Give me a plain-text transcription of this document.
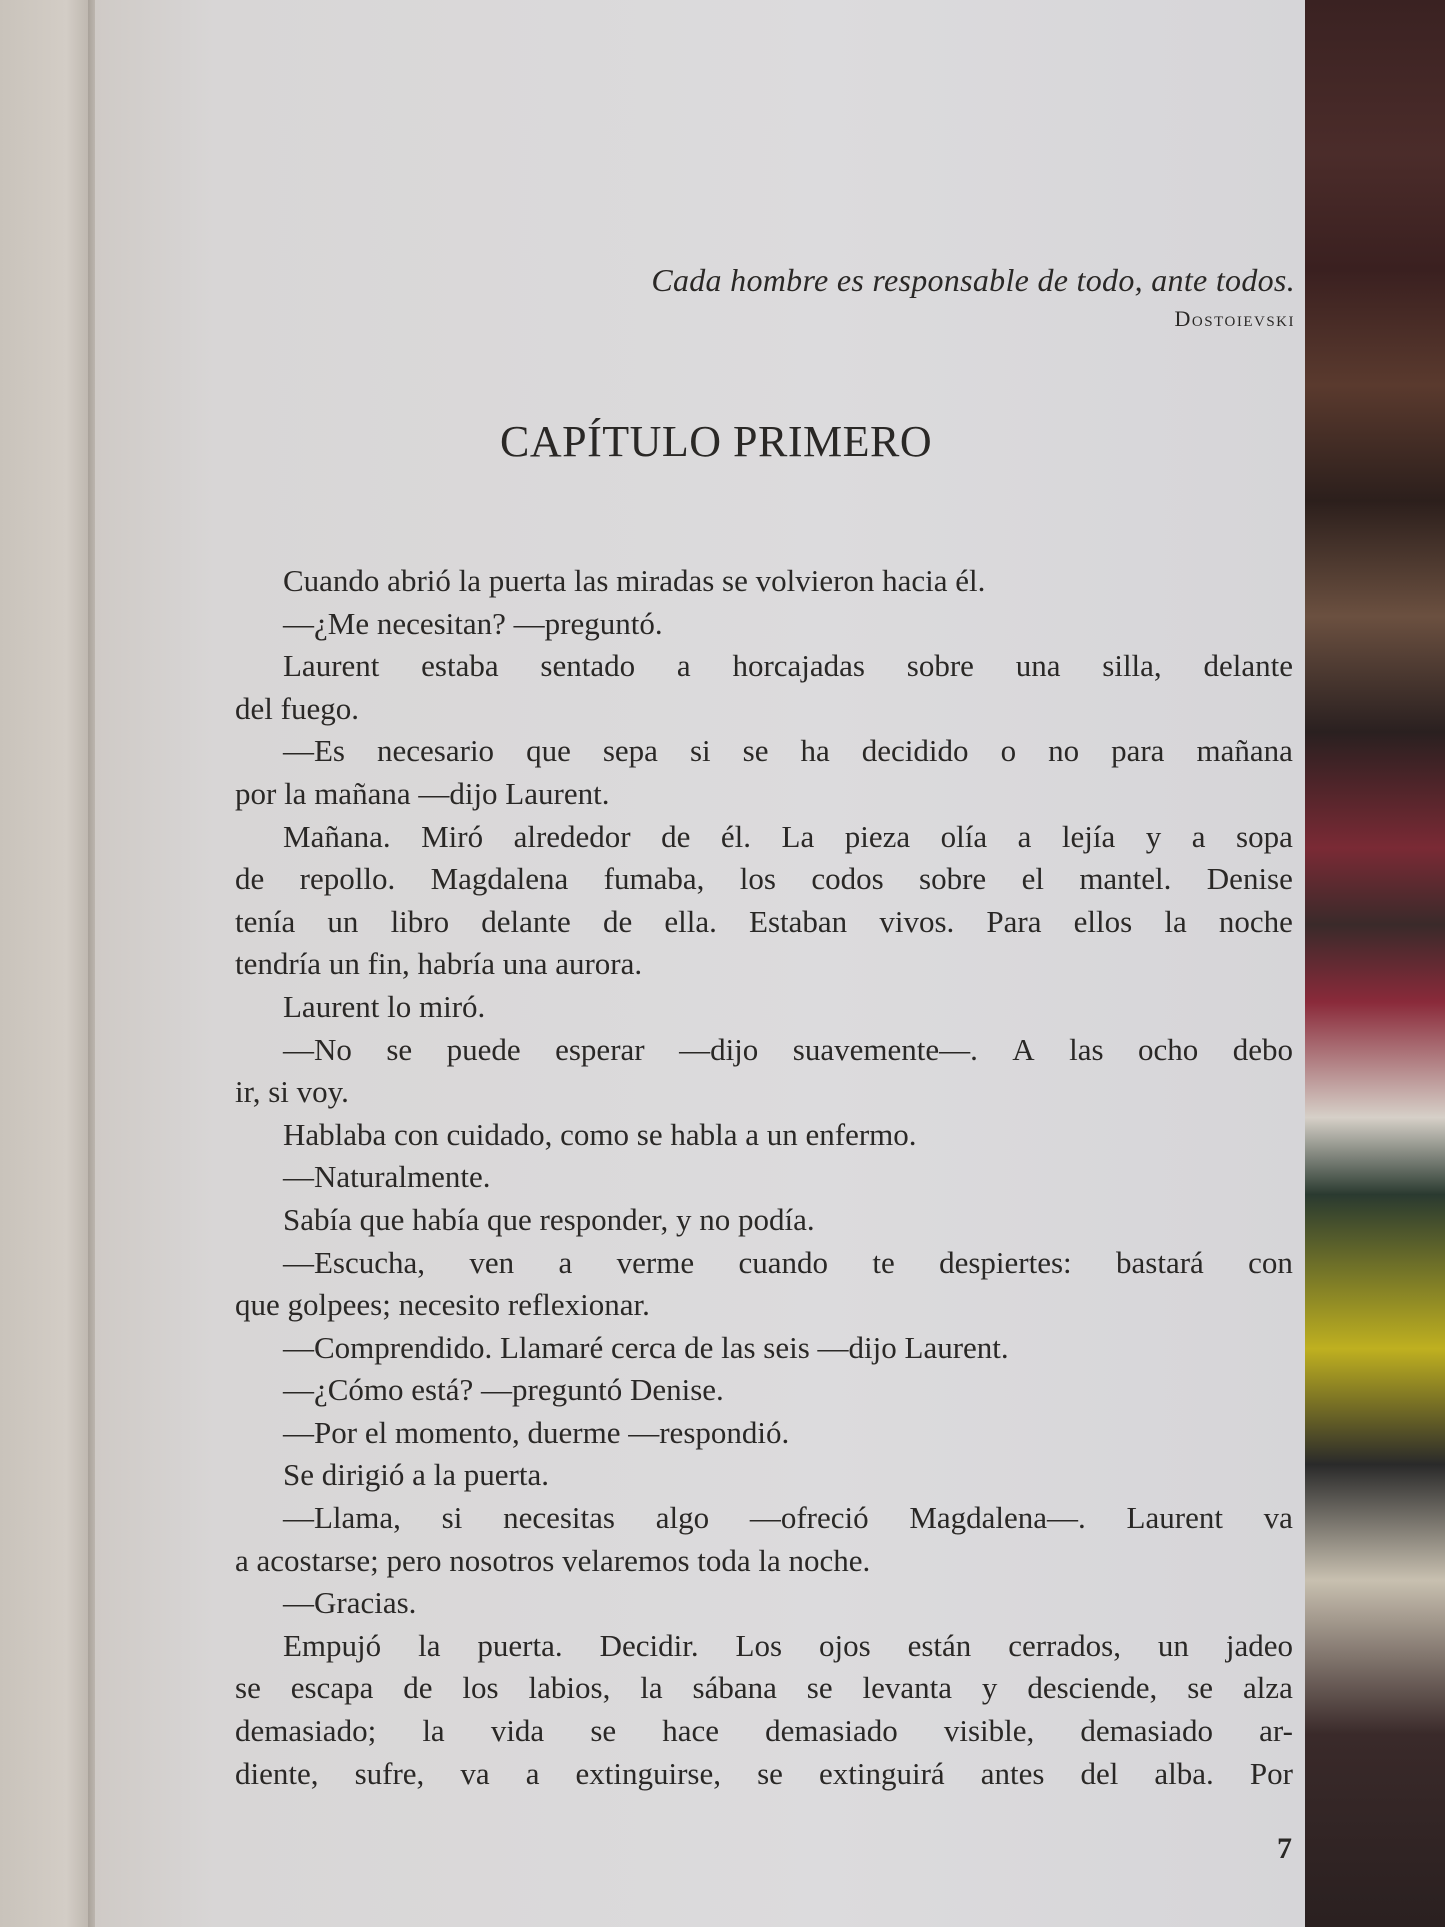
Cada hombre es responsable de todo, ante todos.
Dostoievski
CAPÍTULO PRIMERO
Cuando abrió la puerta las miradas se volvieron hacia él.
—¿Me necesitan? —preguntó.
Laurent estaba sentado a horcajadas sobre una silla, delante
del fuego.
—Es necesario que sepa si se ha decidido o no para mañana
por la mañana —dijo Laurent.
Mañana. Miró alrededor de él. La pieza olía a lejía y a sopa
de repollo. Magdalena fumaba, los codos sobre el mantel. Denise
tenía un libro delante de ella. Estaban vivos. Para ellos la noche
tendría un fin, habría una aurora.
Laurent lo miró.
—No se puede esperar —dijo suavemente—. A las ocho debo
ir, si voy.
Hablaba con cuidado, como se habla a un enfermo.
—Naturalmente.
Sabía que había que responder, y no podía.
—Escucha, ven a verme cuando te despiertes: bastará con
que golpees; necesito reflexionar.
—Comprendido. Llamaré cerca de las seis —dijo Laurent.
—¿Cómo está? —preguntó Denise.
—Por el momento, duerme —respondió.
Se dirigió a la puerta.
—Llama, si necesitas algo —ofreció Magdalena—. Laurent va
a acostarse; pero nosotros velaremos toda la noche.
—Gracias.
Empujó la puerta. Decidir. Los ojos están cerrados, un jadeo
se escapa de los labios, la sábana se levanta y desciende, se alza
demasiado; la vida se hace demasiado visible, demasiado ar-
diente, sufre, va a extinguirse, se extinguirá antes del alba. Por
7
